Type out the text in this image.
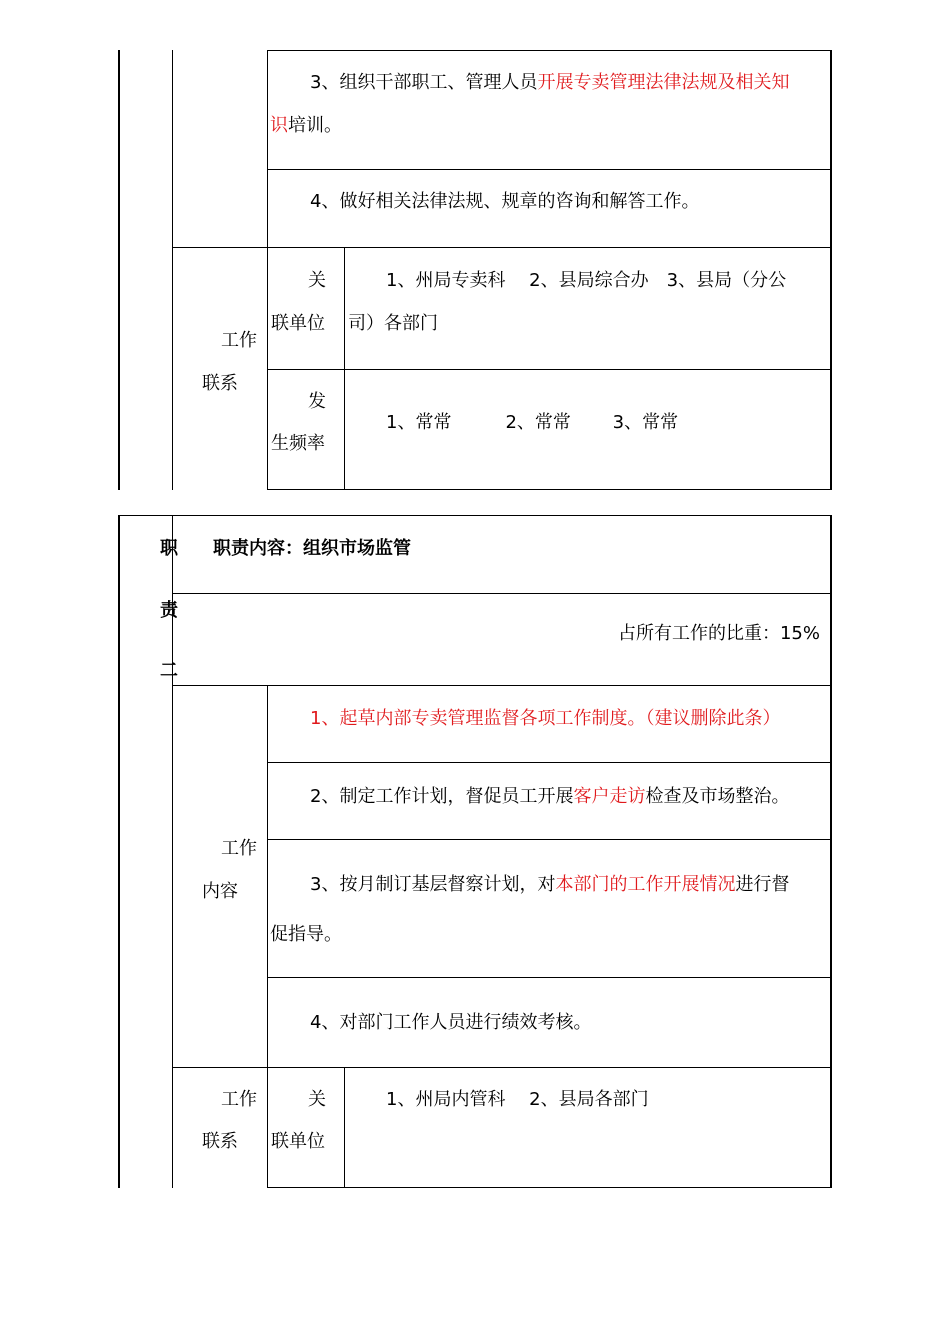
3、组织干部职工、管理人员开展专卖管理法律法规及相关知
识培训。
4、做好相关法律法规、规章的咨询和解答工作。
工作
联系
关
联单位
1、州局专卖科　 2、县局综合办　3、县局（分公
司）各部门
发
生频率
1、常常　　　2、常常　　 3、常常
职
责
二
职责内容：组织市场监管
占所有工作的比重：15%
工作
内容
1、起草内部专卖管理监督各项工作制度。（建议删除此条）
2、制定工作计划，督促员工开展客户走访检查及市场整治。
3、按月制订基层督察计划，对本部门的工作开展情况进行督
促指导。
4、对部门工作人员进行绩效考核。
工作
联系
关
联单位
1、州局内管科　 2、县局各部门
